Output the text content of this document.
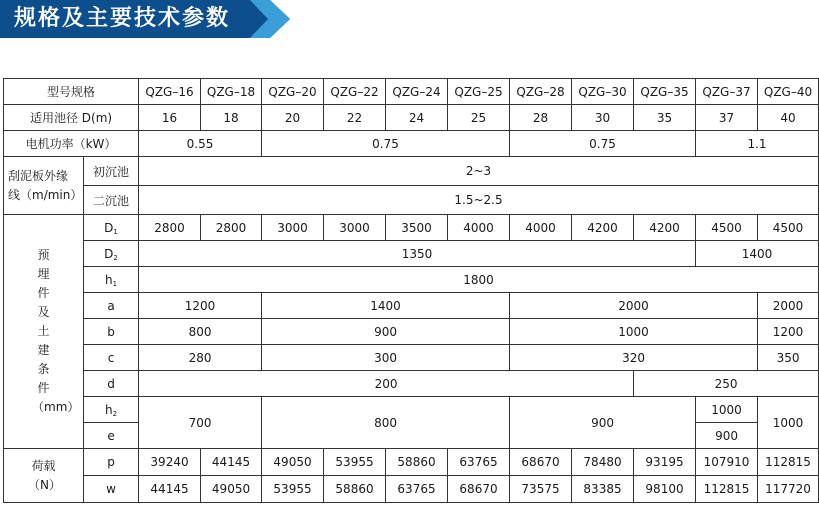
规格及主要技术参数
型号规格		QZG–16	QZG–18	QZG–20	QZG–22	QZG–24	QZG–25	QZG–28	QZG–30	QZG–35	QZG–37	QZG–40
适用池径 D(m)		16	18	20	22	24	25	28	30	35	37	40
电机功率（kW）		0.55		0.75				0.75			1.1	
刮泥板外缘线（m/min）	初沉池	2~3										
	二沉池	1.5~2.5										
预埋件及土建条件（mm）	D1	2800	2800	3000	3000	3500	4000	4000	4200	4200	4500	4500
	D2	1350									1400	
	h1	1800										
	a	1200		1400				2000				2000
	b	800		900				1000				1200
	c	280		300				320				350
	d	200								250		
	h2	700		800				900			1000	1000
	e										900	
荷载（N）	p	39240	44145	49050	53955	58860	63765	68670	78480	93195	107910	112815
	w	44145	49050	53955	58860	63765	68670	73575	83385	98100	112815	117720
